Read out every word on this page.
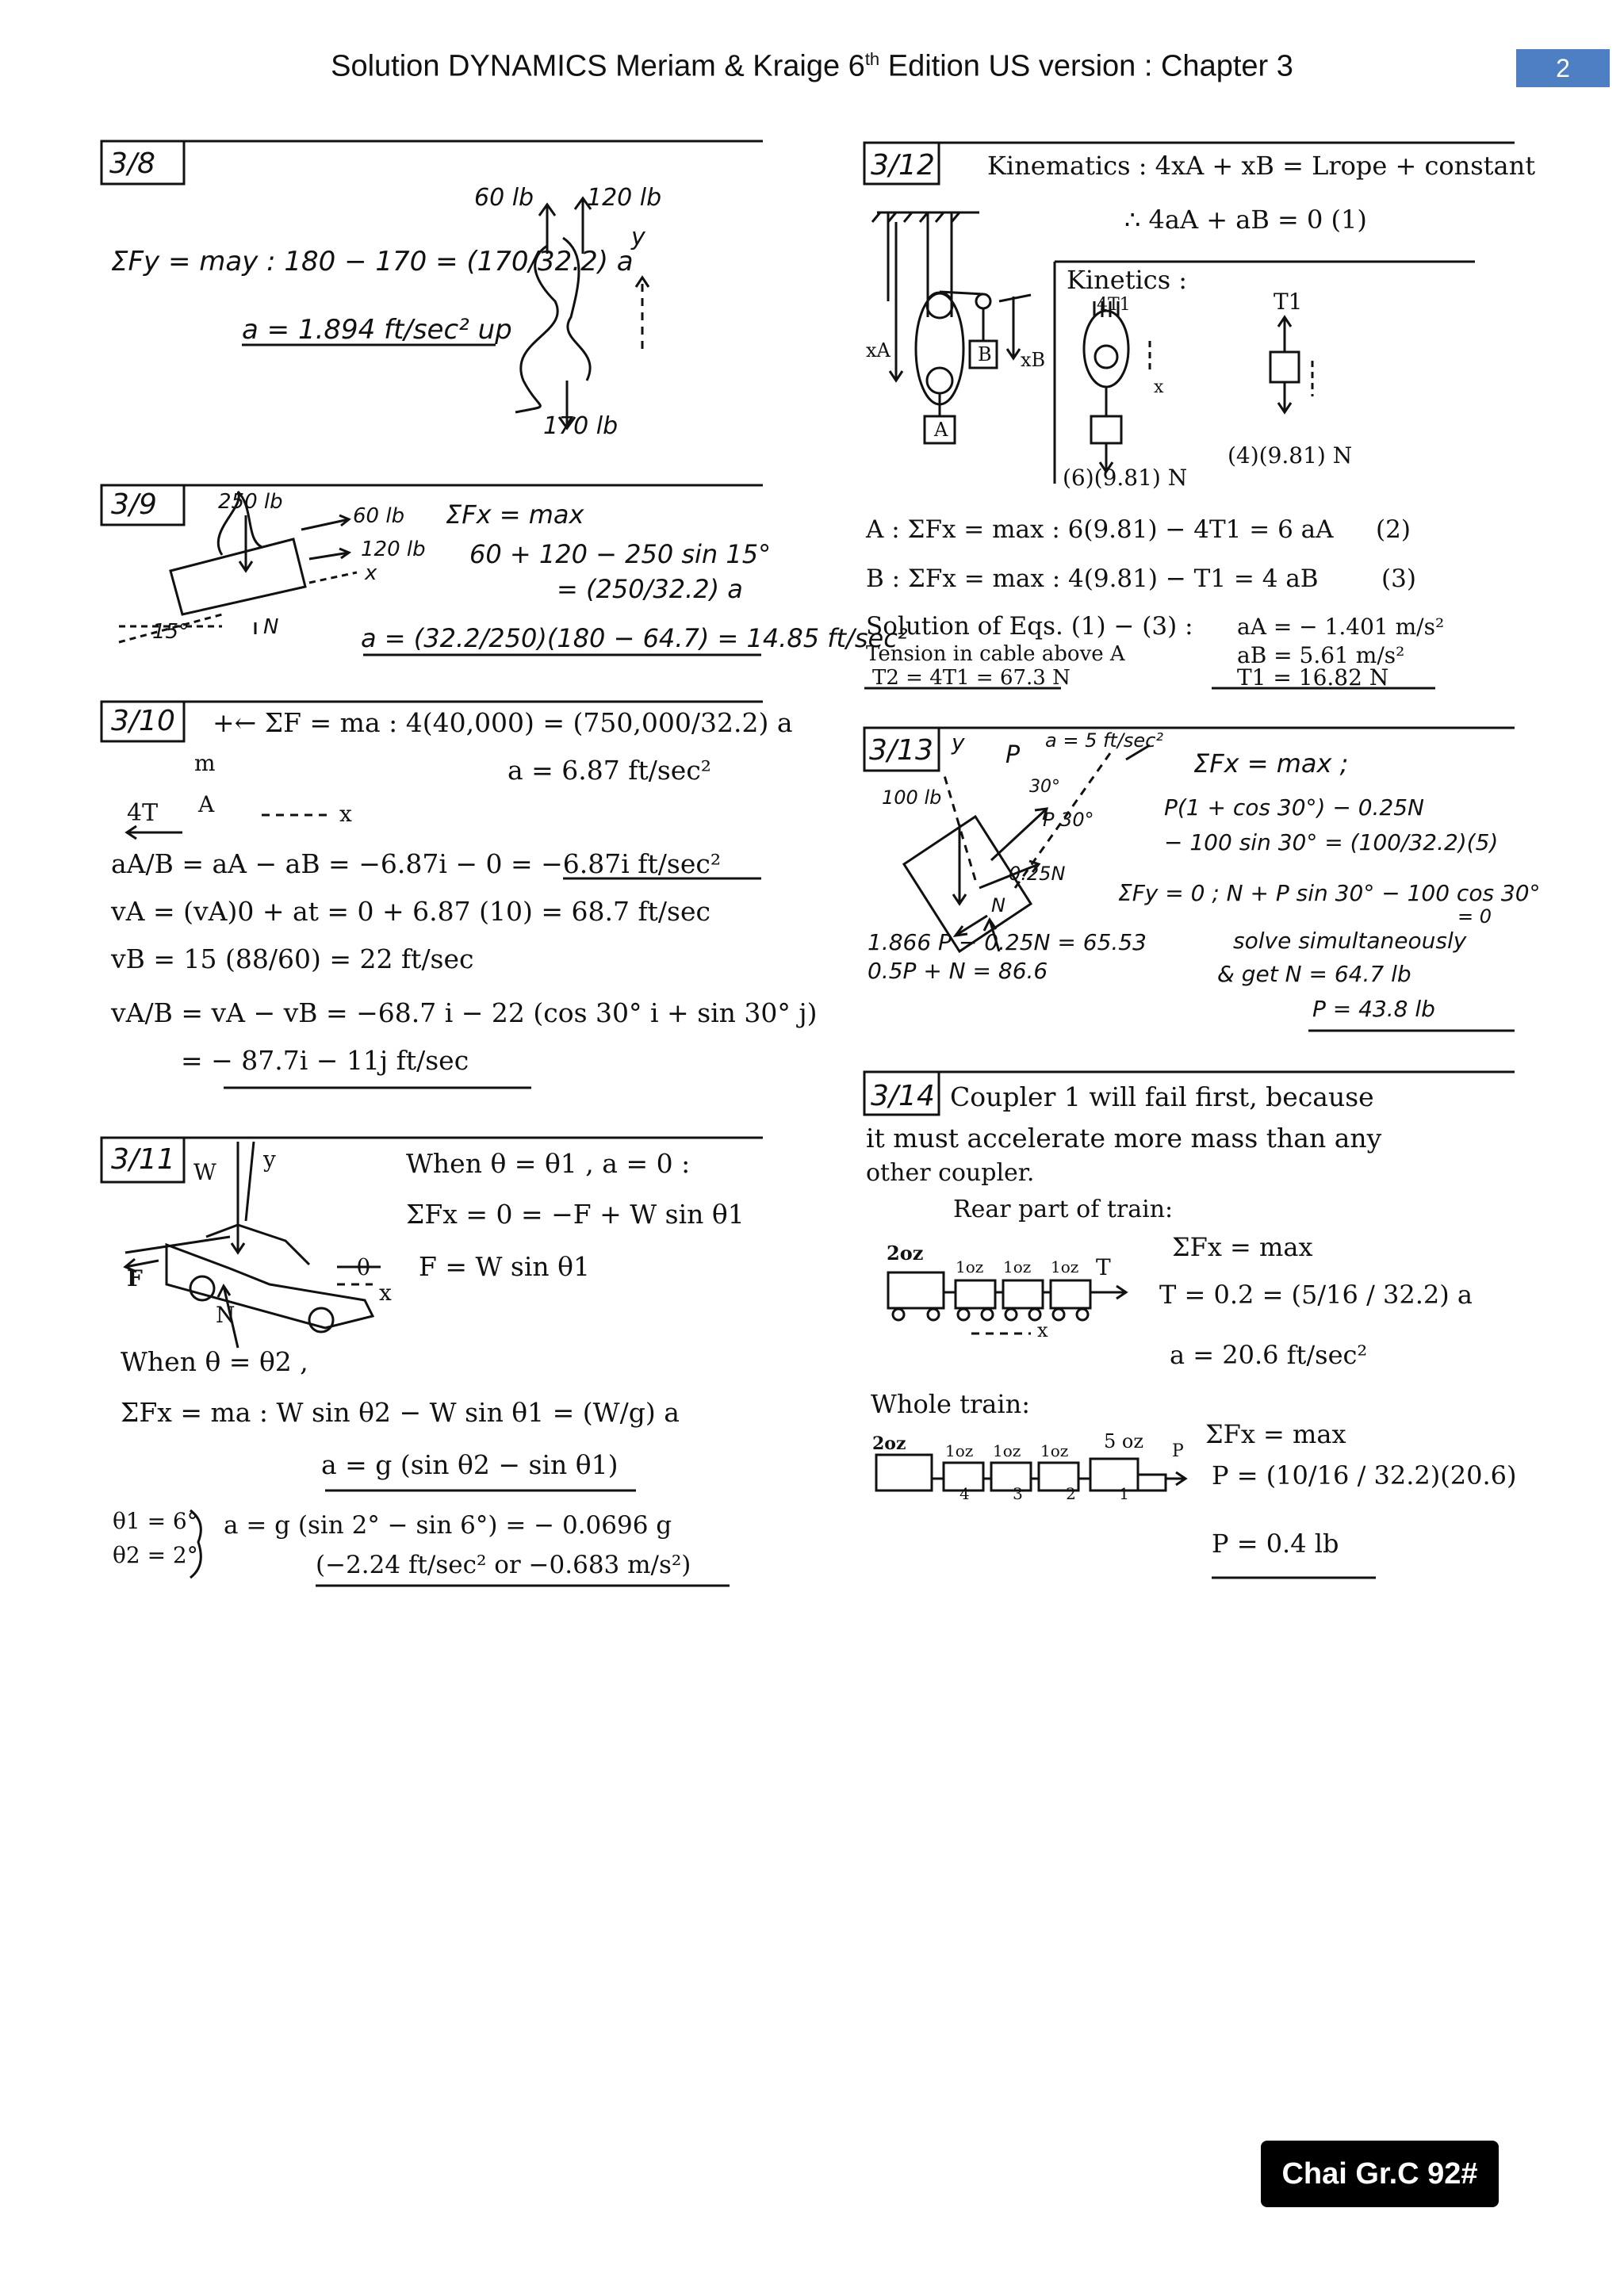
Solution DYNAMICS Meriam & Kraige 6th Edition US version : Chapter 3	2
3/8
60 lb 120 lb
y
ΣFy = may : 180 − 170 = (170/32.2) a
a = 1.894 ft/sec² up
170 lb
3/9	250 lb
60 lb
120 lb
x
15°	N
ΣFx = max
60 + 120 − 250 sin 15°
= (250/32.2) a
a = (32.2/250)(180 − 64.7) = 14.85 ft/sec²
3/10 +← ΣF = ma : 4(40,000) = (750,000/32.2) a
a = 6.87 ft/sec²
m
A
4T	x
aA/B = aA − aB = −6.87i − 0 = −6.87i ft/sec²
vA = (vA)0 + at = 0 + 6.87 (10) = 68.7 ft/sec
vB = 15 (88/60) = 22 ft/sec
vA/B = vA − vB = −68.7 i − 22 (cos 30° i + sin 30° j)
= − 87.7i − 11j ft/sec
3/11 W y
F
N
θ
x
When θ = θ1 , a = 0 :
ΣFx = 0 = −F + W sin θ1
F = W sin θ1
When θ = θ2 ,
ΣFx = ma : W sin θ2 − W sin θ1 = (W/g) a
a = g (sin θ2 − sin θ1)
θ1 = 6°
θ2 = 2°
a = g (sin 2° − sin 6°) = − 0.0696 g
(−2.24 ft/sec² or −0.683 m/s²)
3/12 Kinematics : 4xA + xB = Lrope + constant
∴ 4aA + aB = 0 (1)
Kinetics :
4T1	T1
xA	xB
x
A
B
(6)(9.81) N
(4)(9.81) N
A : ΣFx = max : 6(9.81) − 4T1 = 6 aA (2)
B : ΣFx = max : 4(9.81) − T1 = 4 aB	(3)
Solution of Eqs. (1) − (3) :
Tension in cable above A
T2 = 4T1 = 67.3 N
aA = − 1.401 m/s²
aB = 5.61 m/s²
T1 = 16.82 N
3/13 y P
a = 5 ft/sec²
100 lb	30°
P 30°
0.25N
N
ΣFx = max ;
P(1 + cos 30°) − 0.25N
− 100 sin 30° = (100/32.2)(5)
ΣFy = 0 ; N + P sin 30° − 100 cos 30°
= 0
1.866 P − 0.25N = 65.53
0.5P + N = 86.6
solve simultaneously
& get N = 64.7 lb
P = 43.8 lb
3/14 Coupler 1 will fail first, because
it must accelerate more mass than any
other coupler.
Rear part of train:
2oz
1oz 1oz 1oz T
x
ΣFx = max
T = 0.2 = (5/16 / 32.2) a
a = 20.6 ft/sec²
Whole train:
2oz 1oz 1oz 1oz 5 oz P
4 3 2 1
ΣFx = max
P = (10/16 / 32.2)(20.6)
P = 0.4 lb
Chai Gr.C 92#
